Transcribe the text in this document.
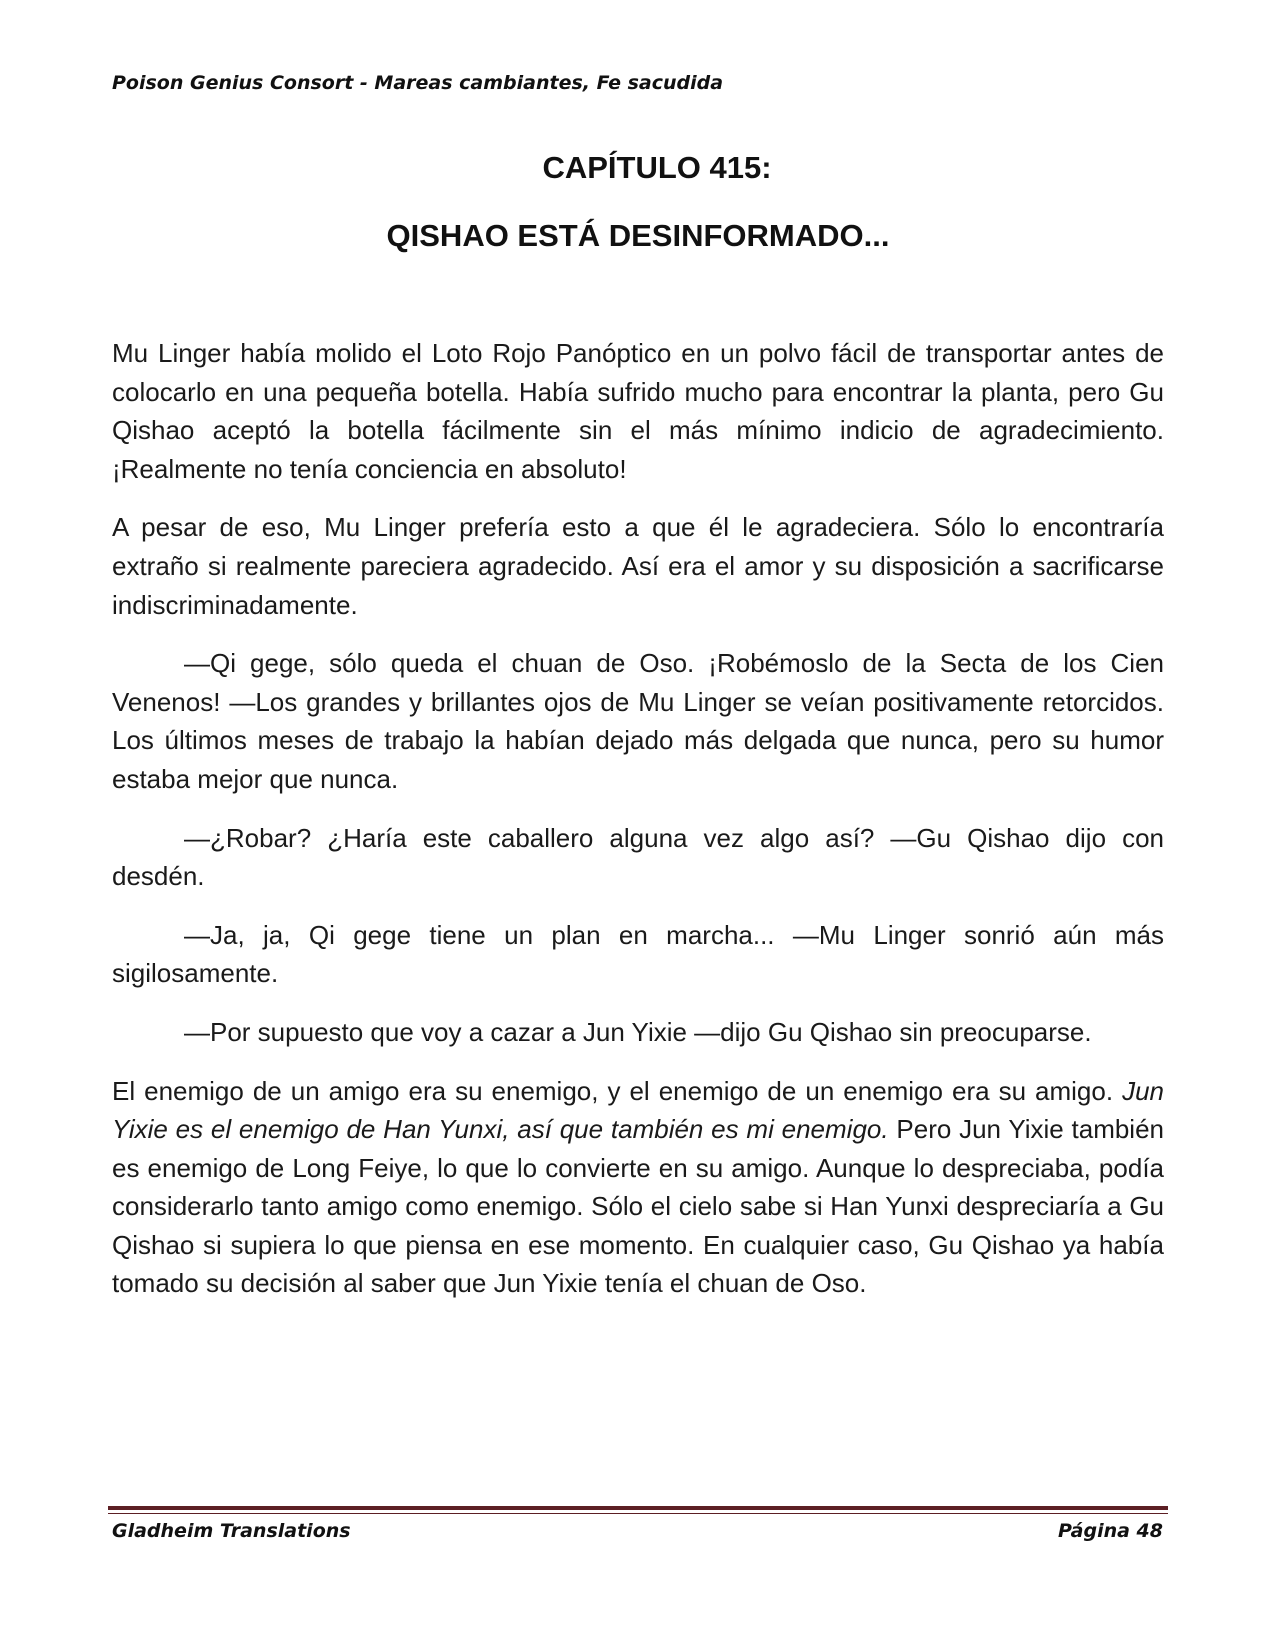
Poison Genius Consort - Mareas cambiantes, Fe sacudida
CAPÍTULO 415:
QISHAO ESTÁ DESINFORMADO...

Mu Linger había molido el Loto Rojo Panóptico en un polvo fácil de transportar antes de colocarlo en una pequeña botella. Había sufrido mucho para encontrar la planta, pero Gu Qishao aceptó la botella fácilmente sin el más mínimo indicio de agradecimiento. ¡Realmente no tenía conciencia en absoluto!

A pesar de eso, Mu Linger prefería esto a que él le agradeciera. Sólo lo encontraría extraño si realmente pareciera agradecido. Así era el amor y su disposición a sacrificarse indiscriminadamente.

—Qi gege, sólo queda el chuan de Oso. ¡Robémoslo de la Secta de los Cien Venenos! —Los grandes y brillantes ojos de Mu Linger se veían positivamente retorcidos. Los últimos meses de trabajo la habían dejado más delgada que nunca, pero su humor estaba mejor que nunca.

—¿Robar? ¿Haría este caballero alguna vez algo así? —Gu Qishao dijo con desdén.

—Ja, ja, Qi gege tiene un plan en marcha... —Mu Linger sonrió aún más sigilosamente.

—Por supuesto que voy a cazar a Jun Yixie —dijo Gu Qishao sin preocuparse.

El enemigo de un amigo era su enemigo, y el enemigo de un enemigo era su amigo. Jun Yixie es el enemigo de Han Yunxi, así que también es mi enemigo. Pero Jun Yixie también es enemigo de Long Feiye, lo que lo convierte en su amigo. Aunque lo despreciaba, podía considerarlo tanto amigo como enemigo. Sólo el cielo sabe si Han Yunxi despreciaría a Gu Qishao si supiera lo que piensa en ese momento. En cualquier caso, Gu Qishao ya había tomado su decisión al saber que Jun Yixie tenía el chuan de Oso.

Gladheim Translations	Página 48
